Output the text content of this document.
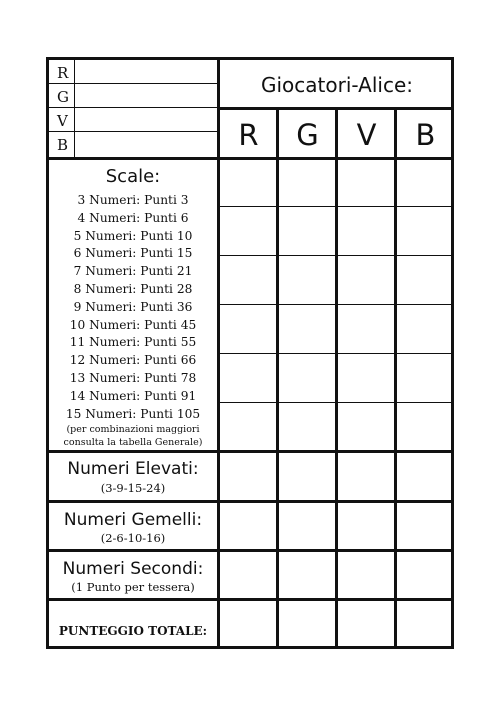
R
G
V
B
Giocatori-Alice:
R	G	V	B
Scale:
3 Numeri: Punti 3
4 Numeri: Punti 6
5 Numeri: Punti 10
6 Numeri: Punti 15
7 Numeri: Punti 21
8 Numeri: Punti 28
9 Numeri: Punti 36
10 Numeri: Punti 45
11 Numeri: Punti 55
12 Numeri: Punti 66
13 Numeri: Punti 78
14 Numeri: Punti 91
15 Numeri: Punti 105
(per combinazioni maggiori
consulta la tabella Generale)
Numeri Elevati:
(3-9-15-24)
Numeri Gemelli:
(2-6-10-16)
Numeri Secondi:
(1 Punto per tessera)
PUNTEGGIO TOTALE:
